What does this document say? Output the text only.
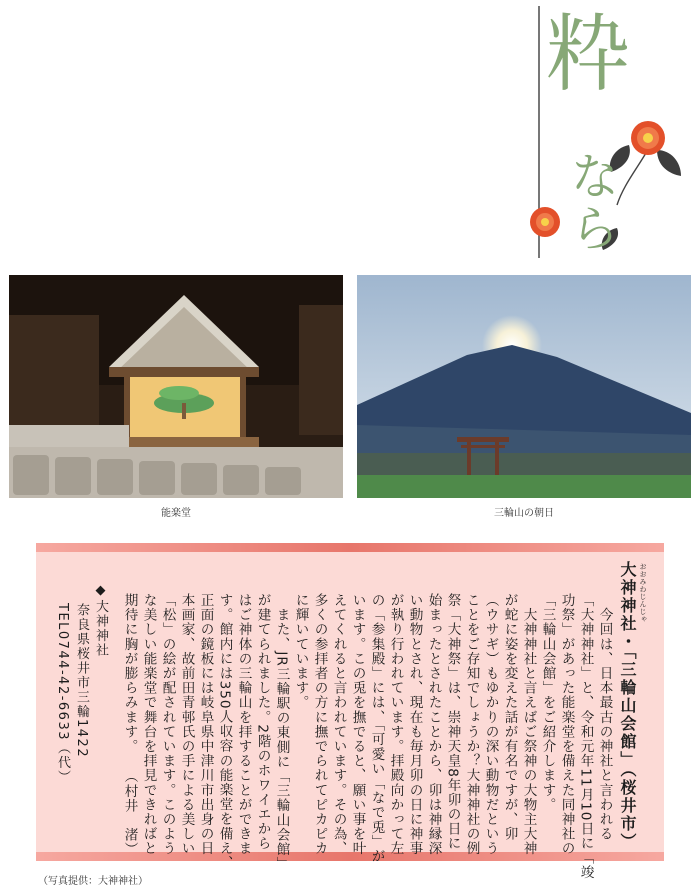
粋
なら
能楽堂	三輪山の朝日
大神神社・「三輪山会館」（桜井市） おおみわじんじゃ
　今回は、日本最古の神社と言われる
「大神神社」と、令和元年11月10日に「竣
功祭」があった能楽堂を備えた同神社の
「三輪山会館」をご紹介します。
　大神神社と言えばご祭神の大物主大神
が蛇に姿を変えた話が有名ですが、卯
（ウサギ）もゆかりの深い動物だという
ことをご存知でしょうか？大神神社の例
祭「大神祭」は、崇神天皇8年卯の日に
始まったとされたことから、卯は神縁深
い動物とされ、現在も毎月卯の日に神事
が執り行われています。拝殿向かって左
の「参集殿」には、「可愛い「なで兎」が
います。この兎を撫でると、願い事を叶
えてくれると言われています。その為、
多くの参拝者の方に撫でられてピカピカ
に輝いています。
　また、JR三輪駅の東側に「三輪山会館」
が建てられました。2階のホワイエから
はご神体の三輪山を拝することができま
す。館内には350人収容の能楽堂を備え、
正面の鏡板には岐阜県中津川市出身の日
本画家、故前田青邨氏の手による美しい
「松」の絵が配されています。このよう
な美しい能楽堂で舞台を拝見できればと
期待に胸が膨らみます。　　（村井　渚）
◆大神神社
奈良県桜井市三輪1422
TEL0744-42-6633（代）
（写真提供：大神神社）
